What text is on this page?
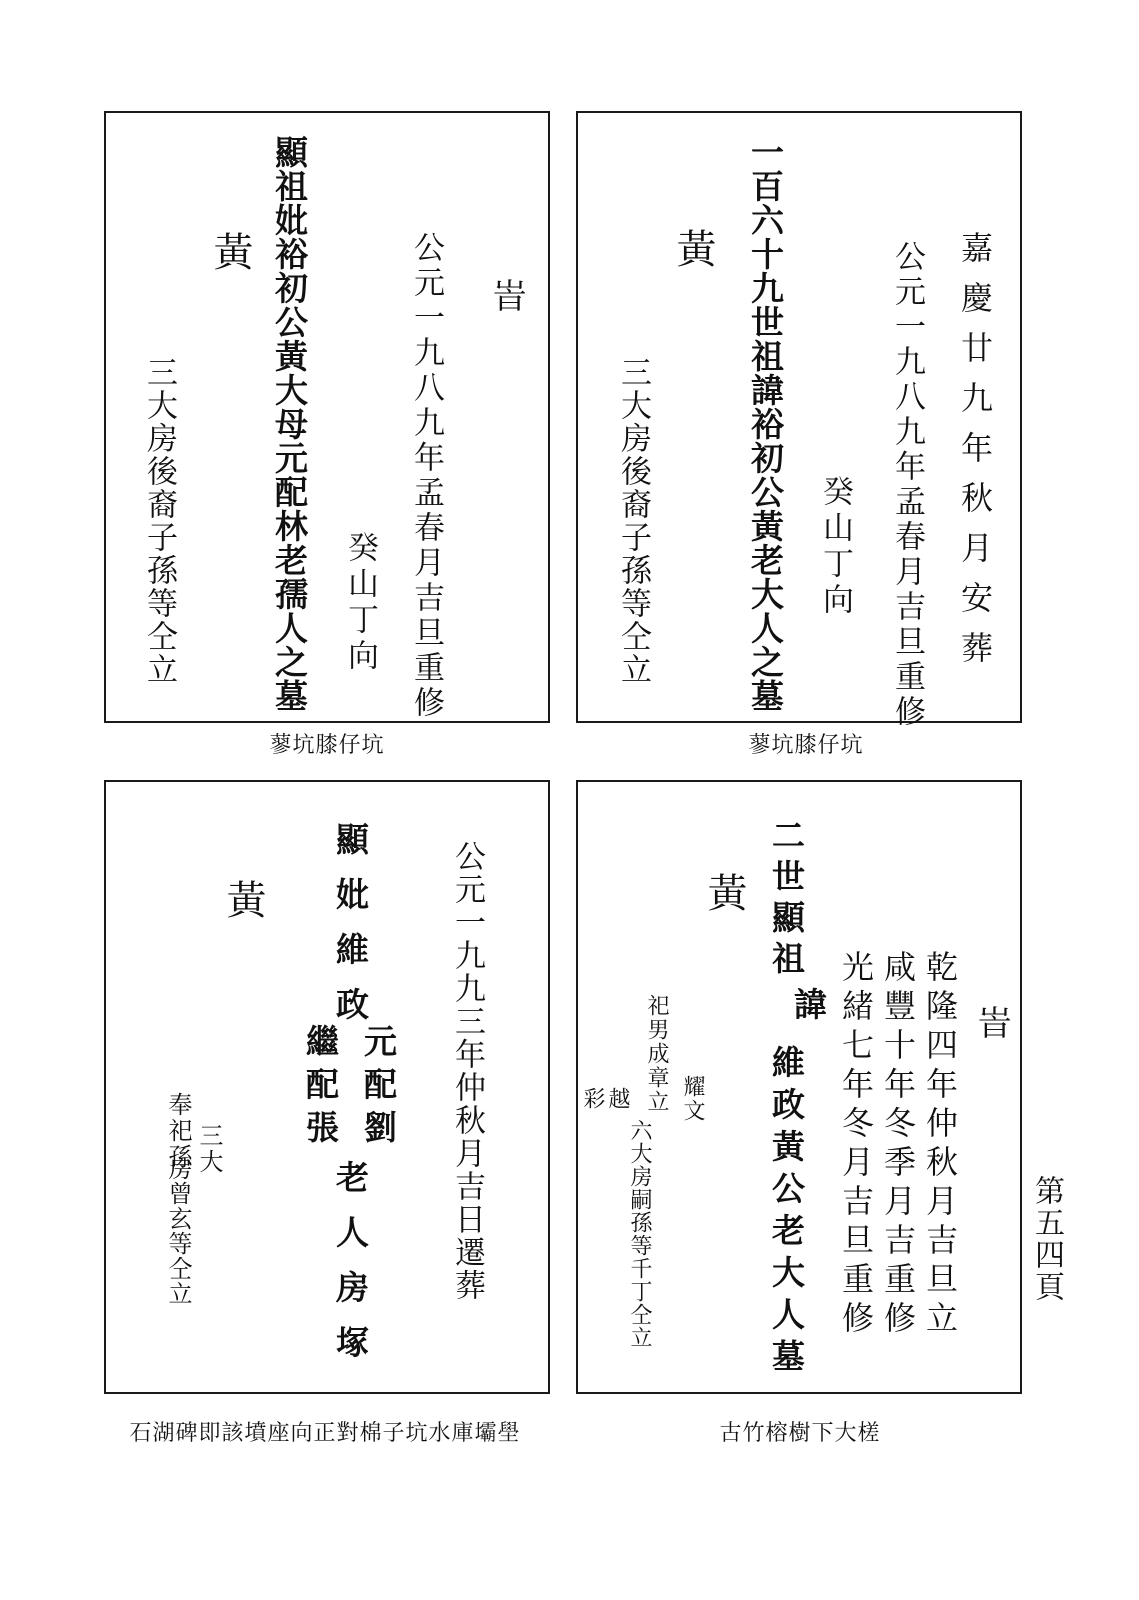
峕
公元一九八九年孟春月吉旦重修
癸山丁向
顯祖妣裕初公黃大母元配林老孺人之墓
黃
三大房後裔子孫等仝立
蓼坑膝仔坑
嘉慶廿九年秋月安葬
公元一九八九年孟春月吉旦重修
癸山丁向
一百六十九世祖諱裕初公黃老大人之墓
黃
三大房後裔子孫等仝立
蓼坑膝仔坑
公元一九九三年仲秋月吉日遷葬
顯妣維政
元配劉
繼配張
老人房塚
黃
三大
房曾玄等仝立
奉祀孫
石湖碑即該墳座向正對棉子坑水庫壩壆
峕
乾隆四年仲秋月吉旦立
咸豐十年冬季月吉重修
光緒七年冬月吉旦重修
二世顯祖
諱
維政黃公老大人墓
黃
耀文
祀男成章立
越
彩
六大房嗣孫等千丁仝立
古竹榕樹下大槎
第五四頁
